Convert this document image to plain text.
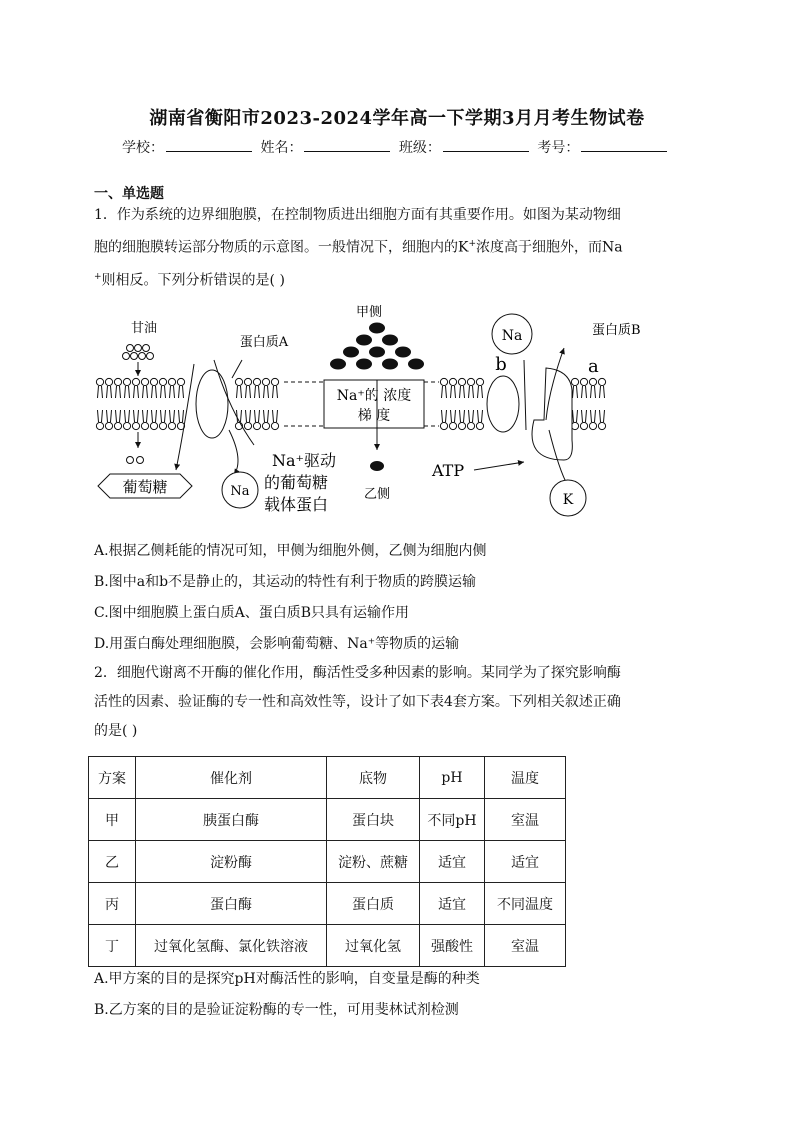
湖南省衡阳市2023-2024学年高一下学期3月月考生物试卷
学校：	姓名：	班级：	考号：
一、单选题
1．作为系统的边界细胞膜，在控制物质进出细胞方面有其重要作用。如图为某动物细
胞的细胞膜转运部分物质的示意图。一般情况下，细胞内的K+浓度高于细胞外，而Na
+则相反。下列分析错误的是( )
Na⁺的 浓度
梯 度
甲侧
乙侧
甘油
蛋白质A
葡萄糖	Na
Na⁺驱动
的葡萄糖
载体蛋白
Na
b
蛋白质B
a
ATP
K
A.根据乙侧耗能的情况可知，甲侧为细胞外侧，乙侧为细胞内侧
B.图中a和b不是静止的，其运动的特性有利于物质的跨膜运输
C.图中细胞膜上蛋白质A、蛋白质B只具有运输作用
D.用蛋白酶处理细胞膜，会影响葡萄糖、Na⁺等物质的运输
2．细胞代谢离不开酶的催化作用，酶活性受多种因素的影响。某同学为了探究影响酶
活性的因素、验证酶的专一性和高效性等，设计了如下表4套方案。下列相关叙述正确
的是( )
方案	催化剂	底物	pH	温度
甲	胰蛋白酶	蛋白块	不同pH	室温
乙	淀粉酶	淀粉、蔗糖	适宜	适宜
丙	蛋白酶	蛋白质	适宜	不同温度
丁	过氧化氢酶、氯化铁溶液	过氧化氢	强酸性	室温
A.甲方案的目的是探究pH对酶活性的影响，自变量是酶的种类
B.乙方案的目的是验证淀粉酶的专一性，可用斐林试剂检测
